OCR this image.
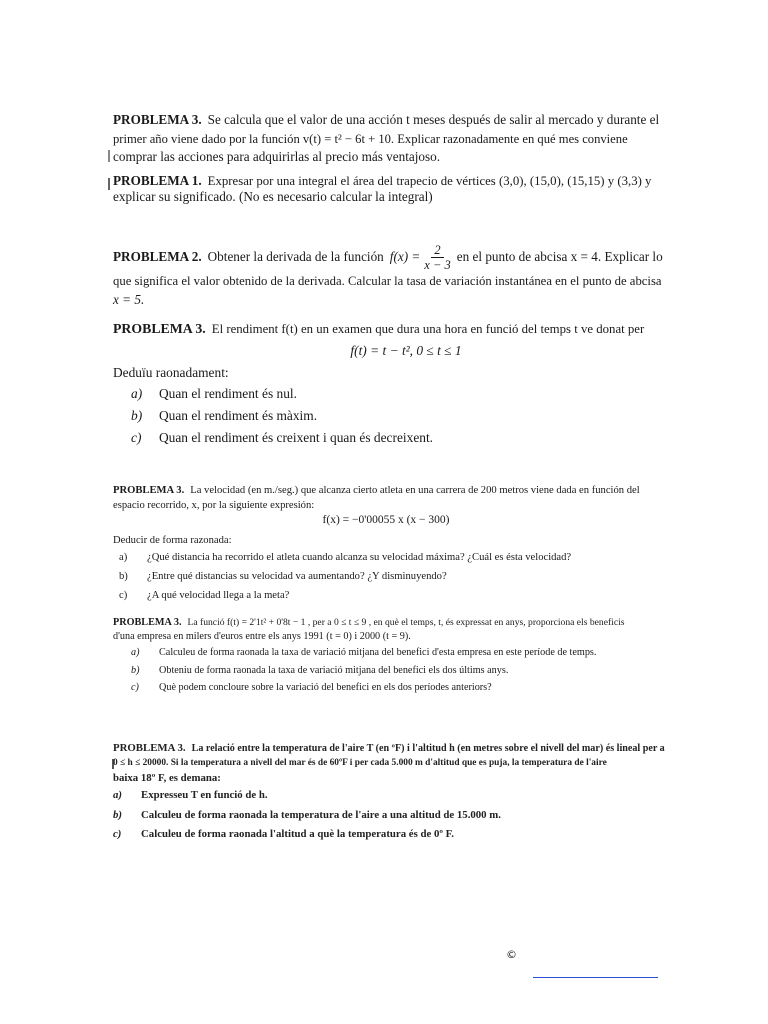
PROBLEMA 3. Se calcula que el valor de una acción t meses después de salir al mercado y durante el
primer año viene dado por la función v(t) = t² − 6t + 10. Explicar razonadamente en qué mes conviene
comprar las acciones para adquirirlas al precio más ventajoso.
PROBLEMA 1. Expresar por una integral el área del trapecio de vértices (3,0), (15,0), (15,15) y (3,3) y
explicar su significado. (No es necesario calcular la integral)
PROBLEMA 2. Obtener la derivada de la función $f(x) = \frac{2}{x - 3}$ en el punto de abcisa x = 4. Explicar lo
que significa el valor obtenido de la derivada. Calcular la tasa de variación instantánea en el punto de abcisa
x = 5.
PROBLEMA 3. El rendiment f(t) en un examen que dura una hora en funció del temps t ve donat per
f(t) = t − t², 0 ≤ t ≤ 1
Deduïu raonadament:
a)	Quan el rendiment és nul.
b)	Quan el rendiment és màxim.
c)	Quan el rendiment és creixent i quan és decreixent.
PROBLEMA 3. La velocidad (en m./seg.) que alcanza cierto atleta en una carrera de 200 metros viene dada en función del
espacio recorrido, x, por la siguiente expresión:
f(x) = −0'00055 x (x − 300)
Deducir de forma razonada:
a)	¿Qué distancia ha recorrido el atleta cuando alcanza su velocidad máxima? ¿Cuál es ésta velocidad?
b)	¿Entre qué distancias su velocidad va aumentando? ¿Y disminuyendo?
c)	¿A qué velocidad llega a la meta?
PROBLEMA 3. La funció f(t) = 2'1t² + 0'8t − 1 , per a 0 ≤ t ≤ 9 , en què el temps, t, és expressat en anys, proporciona els beneficis
d'una empresa en milers d'euros entre els anys 1991 (t = 0) i 2000 (t = 9).
a)	Calculeu de forma raonada la taxa de variació mitjana del benefici d'esta empresa en este període de temps.
b)	Obteniu de forma raonada la taxa de variació mitjana del benefici els dos últims anys.
c)	Què podem concloure sobre la variació del benefici en els dos períodes anteriors?
PROBLEMA 3. La relació entre la temperatura de l'aire T (en ºF) i l'altitud h (en metres sobre el nivell del mar) és lineal per a
0 ≤ h ≤ 20000. Si la temperatura a nivell del mar és de 60ºF i per cada 5.000 m d'altitud que es puja, la temperatura de l'aire
baixa 18º F, es demana:
a)	Expresseu T en funció de h.
b)	Calculeu de forma raonada la temperatura de l'aire a una altitud de 15.000 m.
c)	Calculeu de forma raonada l'altitud a què la temperatura és de 0º F.
©
